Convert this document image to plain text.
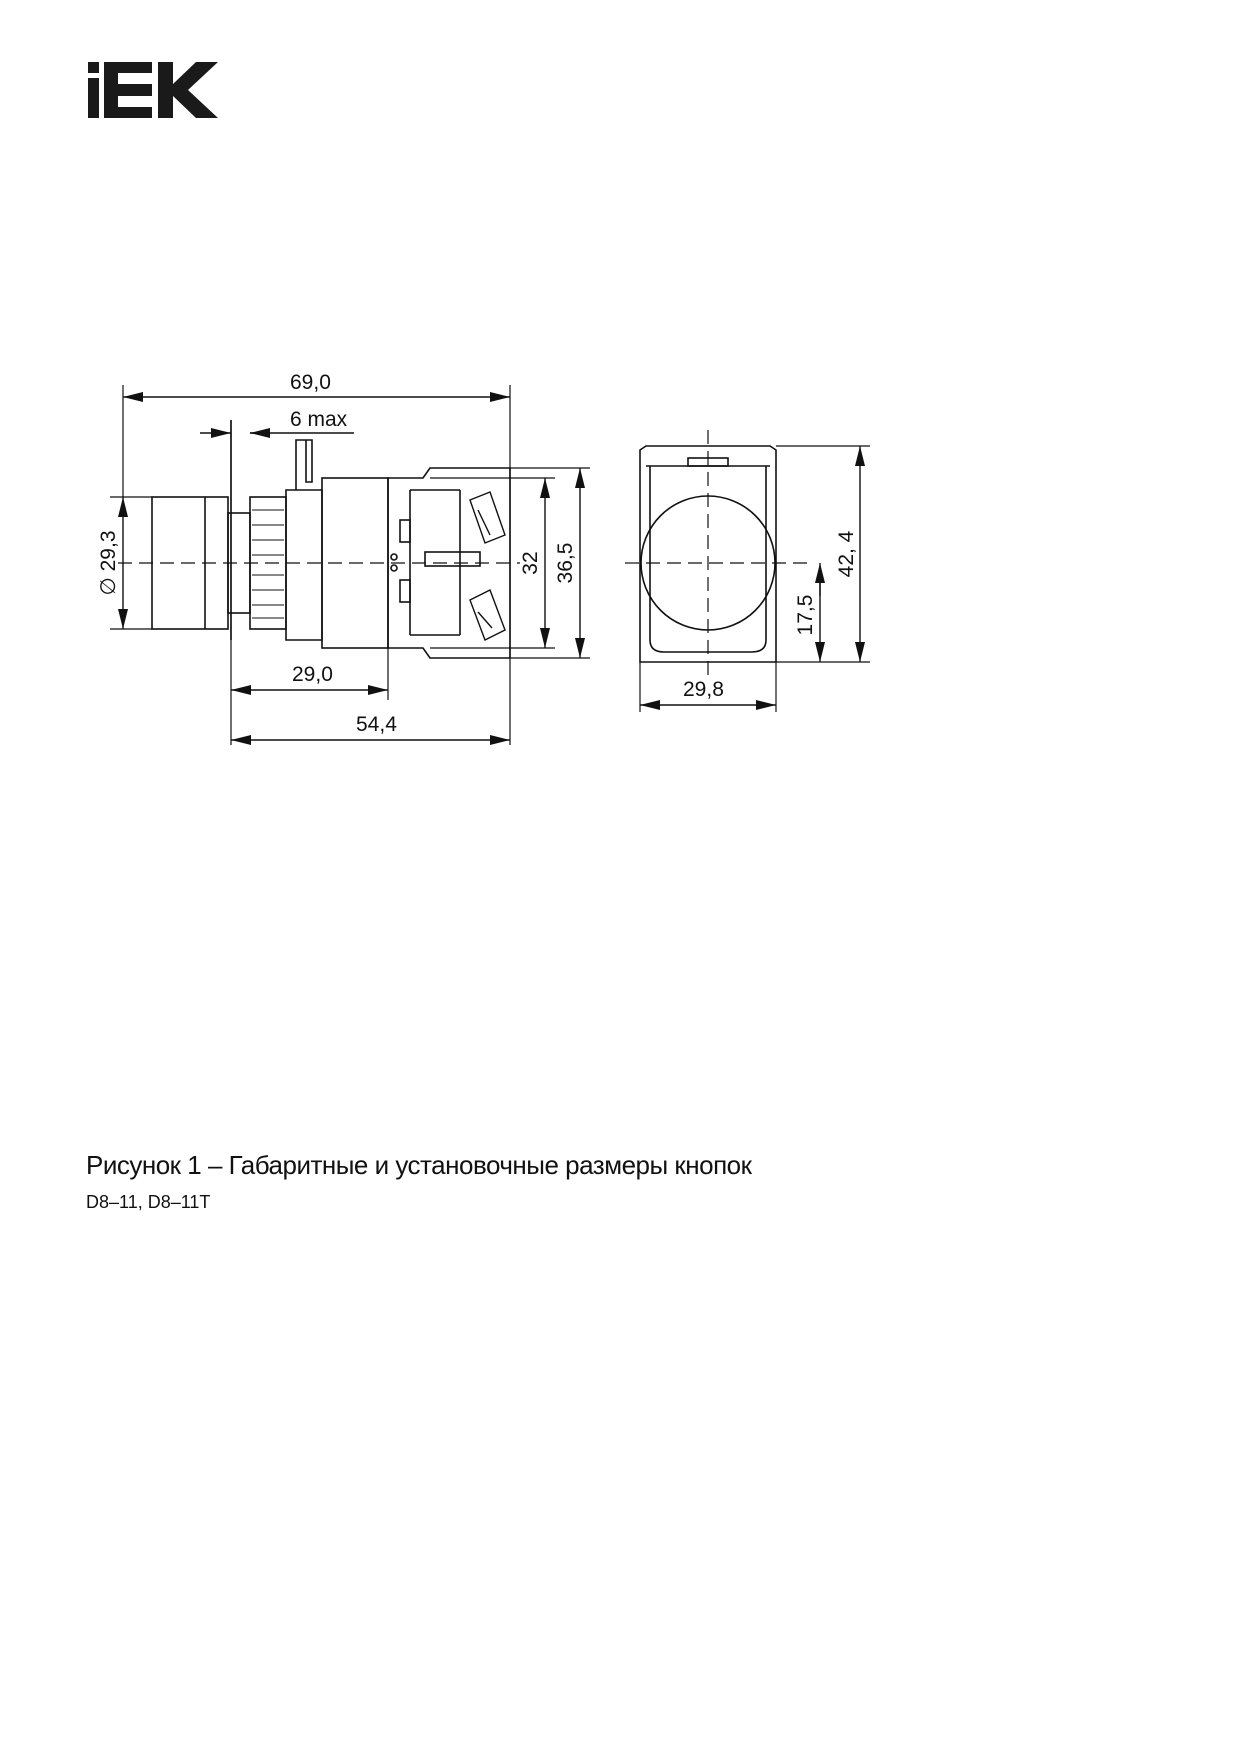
69,0
6 max
∅ 29,3	32 36,5
29,0
54,4
42, 4
17,5
29,8
Рисунок 1 – Габаритные и установочные размеры кнопок
D8–11, D8–11T
